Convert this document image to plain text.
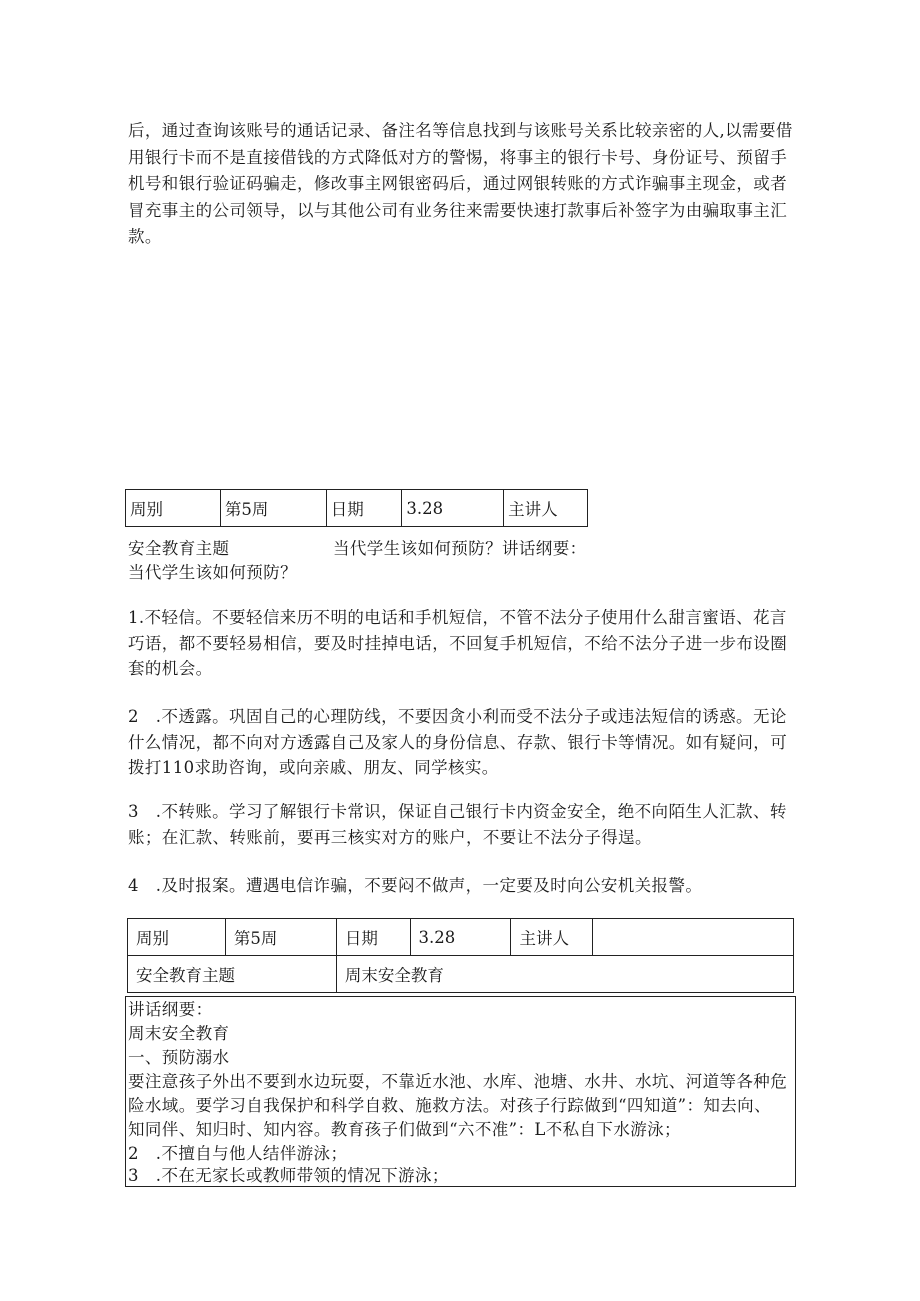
后，通过查询该账号的通话记录、备注名等信息找到与该账号关系比较亲密的人,以需要借

用银行卡而不是直接借钱的方式降低对方的警惕，将事主的银行卡号、身份证号、预留手

机号和银行验证码骗走，修改事主网银密码后，通过网银转账的方式诈骗事主现金，或者

冒充事主的公司领导，以与其他公司有业务往来需要快速打款事后补签字为由骗取事主汇

款。

周别	第5周	日期	3.28	主讲人

安全教育主题	当代学生该如何预防？讲话纲要：

当代学生该如何预防？

1.不轻信。不要轻信来历不明的电话和手机短信，不管不法分子使用什么甜言蜜语、花言

巧语，都不要轻易相信，要及时挂掉电话，不回复手机短信，不给不法分子进一步布设圈

套的机会。

2　.不透露。巩固自己的心理防线，不要因贪小利而受不法分子或违法短信的诱惑。无论

什么情况，都不向对方透露自己及家人的身份信息、存款、银行卡等情况。如有疑问，可

拨打110求助咨询，或向亲戚、朋友、同学核实。

3　.不转账。学习了解银行卡常识，保证自己银行卡内资金安全，绝不向陌生人汇款、转

账；在汇款、转账前，要再三核实对方的账户，不要让不法分子得逞。

4　.及时报案。遭遇电信诈骗，不要闷不做声，一定要及时向公安机关报警。

周别	第5周	日期	3.28	主讲人	
安全教育主题		周末安全教育			

讲话纲要：

周末安全教育

一、预防溺水

要注意孩子外出不要到水边玩耍，不靠近水池、水库、池塘、水井、水坑、河道等各种危

险水域。要学习自我保护和科学自救、施救方法。对孩子行踪做到“四知道”：知去向、

知同伴、知归时、知内容。教育孩子们做到“六不准”：L不私自下水游泳；

2　.不擅自与他人结伴游泳；

3　.不在无家长或教师带领的情况下游泳；
